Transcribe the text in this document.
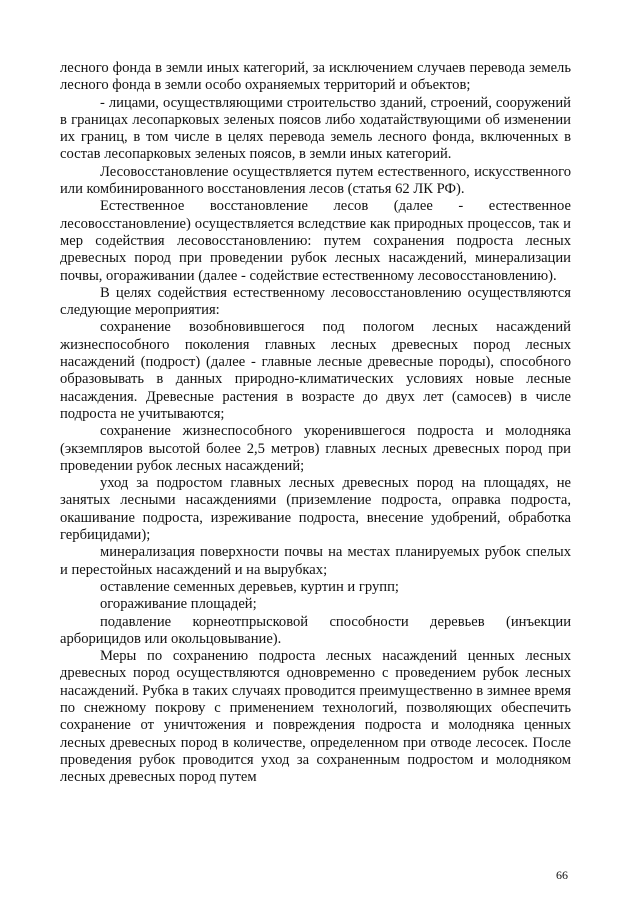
лесного фонда в земли иных категорий, за исключением случаев перевода земель лесного фонда в земли особо охраняемых территорий и объектов;

- лицами, осуществляющими строительство зданий, строений, сооружений в границах лесопарковых зеленых поясов либо ходатайствующими об изменении их границ, в том числе в целях перевода земель лесного фонда, включенных в состав лесопарковых зеленых поясов, в земли иных категорий.

Лесовосстановление осуществляется путем естественного, искусственного или комбинированного восстановления лесов (статья 62 ЛК РФ).

Естественное восстановление лесов (далее - естественное лесовосстановление) осуществляется вследствие как природных процессов, так и мер содействия лесовосстановлению: путем сохранения подроста лесных древесных пород при проведении рубок лесных насаждений, минерализации почвы, огораживании (далее - содействие естественному лесовосстановлению).

В целях содействия естественному лесовосстановлению осуществляются следующие мероприятия:

сохранение возобновившегося под пологом лесных насаждений жизнеспособного поколения главных лесных древесных пород лесных насаждений (подрост) (далее - главные лесные древесные породы), способного образовывать в данных природно-климатических условиях новые лесные насаждения. Древесные растения в возрасте до двух лет (самосев) в числе подроста не учитываются;

сохранение жизнеспособного укоренившегося подроста и молодняка (экземпляров высотой более 2,5 метров) главных лесных древесных пород при проведении рубок лесных насаждений;

уход за подростом главных лесных древесных пород на площадях, не занятых лесными насаждениями (приземление подроста, оправка подроста, окашивание подроста, изреживание подроста, внесение удобрений, обработка гербицидами);

минерализация поверхности почвы на местах планируемых рубок спелых и перестойных насаждений и на вырубках;

оставление семенных деревьев, куртин и групп;

огораживание площадей;

подавление корнеотпрысковой способности деревьев (инъекции арборицидов или окольцовывание).

Меры по сохранению подроста лесных насаждений ценных лесных древесных пород осуществляются одновременно с проведением рубок лесных насаждений. Рубка в таких случаях проводится преимущественно в зимнее время по снежному покрову с применением технологий, позволяющих обеспечить сохранение от уничтожения и повреждения подроста и молодняка ценных лесных древесных пород в количестве, определенном при отводе лесосек. После проведения рубок проводится уход за сохраненным подростом и молодняком лесных древесных пород путем

66
